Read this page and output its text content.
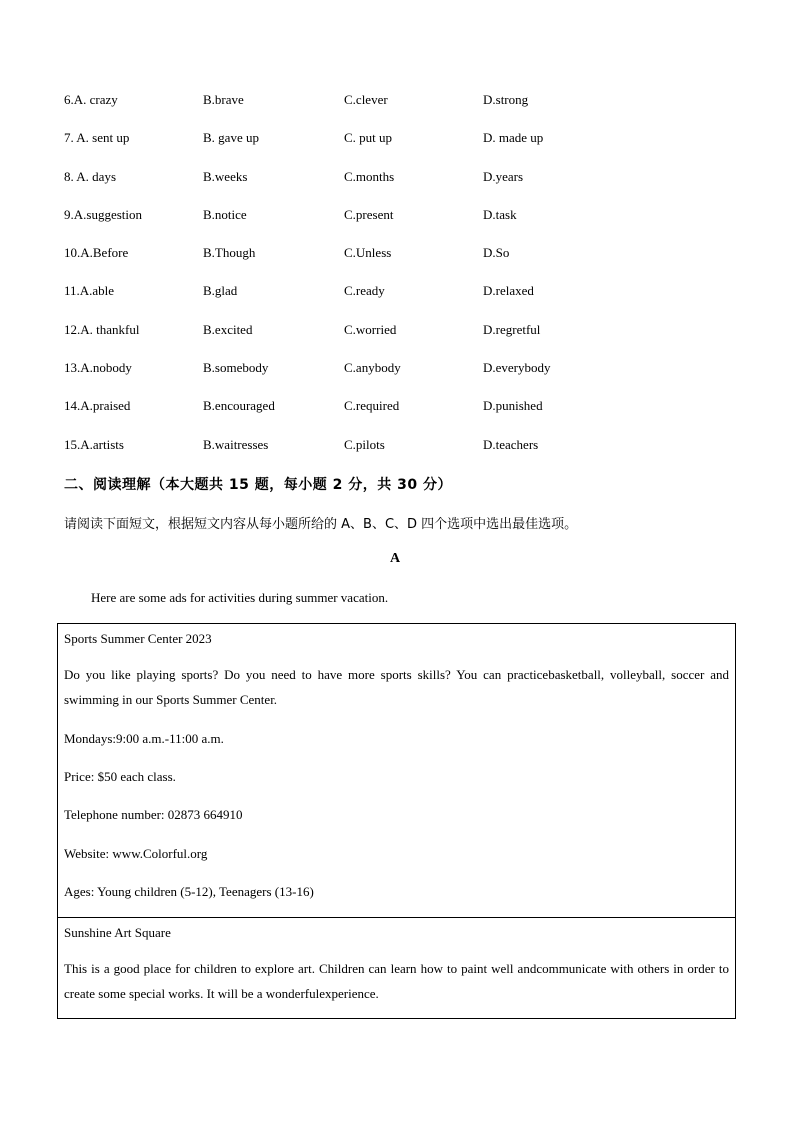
6.A. crazy	B.brave	C.clever	D.strong
7. A. sent up	B. gave up	C. put up	D. made up
8. A. days	B.weeks	C.months	D.years
9.A.suggestion	B.notice	C.present	D.task
10.A.Before	B.Though	C.Unless	D.So
11.A.able	B.glad	C.ready	D.relaxed
12.A. thankful	B.excited	C.worried	D.regretful
13.A.nobody	B.somebody	C.anybody	D.everybody
14.A.praised	B.encouraged	C.required	D.punished
15.A.artists	B.waitresses	C.pilots	D.teachers
二、阅读理解（本大题共 15 题，每小题 2 分，共 30 分）
请阅读下面短文，根据短文内容从每小题所给的 A、B、C、D 四个选项中选出最佳选项。
A
Here are some ads for activities during summer vacation.
Sports Summer Center 2023
Do you like playing sports? Do you need to have more sports skills? You can practicebasketball, volleyball, soccer and swimming in our Sports Summer Center.
Mondays:9:00 a.m.-11:00 a.m.
Price: $50 each class.
Telephone number: 02873 664910
Website: www.Colorful.org
Ages: Young children (5-12), Teenagers (13-16)
Sunshine Art Square
This is a good place for children to explore art. Children can learn how to paint well andcommunicate with others in order to create some special works. It will be a wonderfulexperience.
